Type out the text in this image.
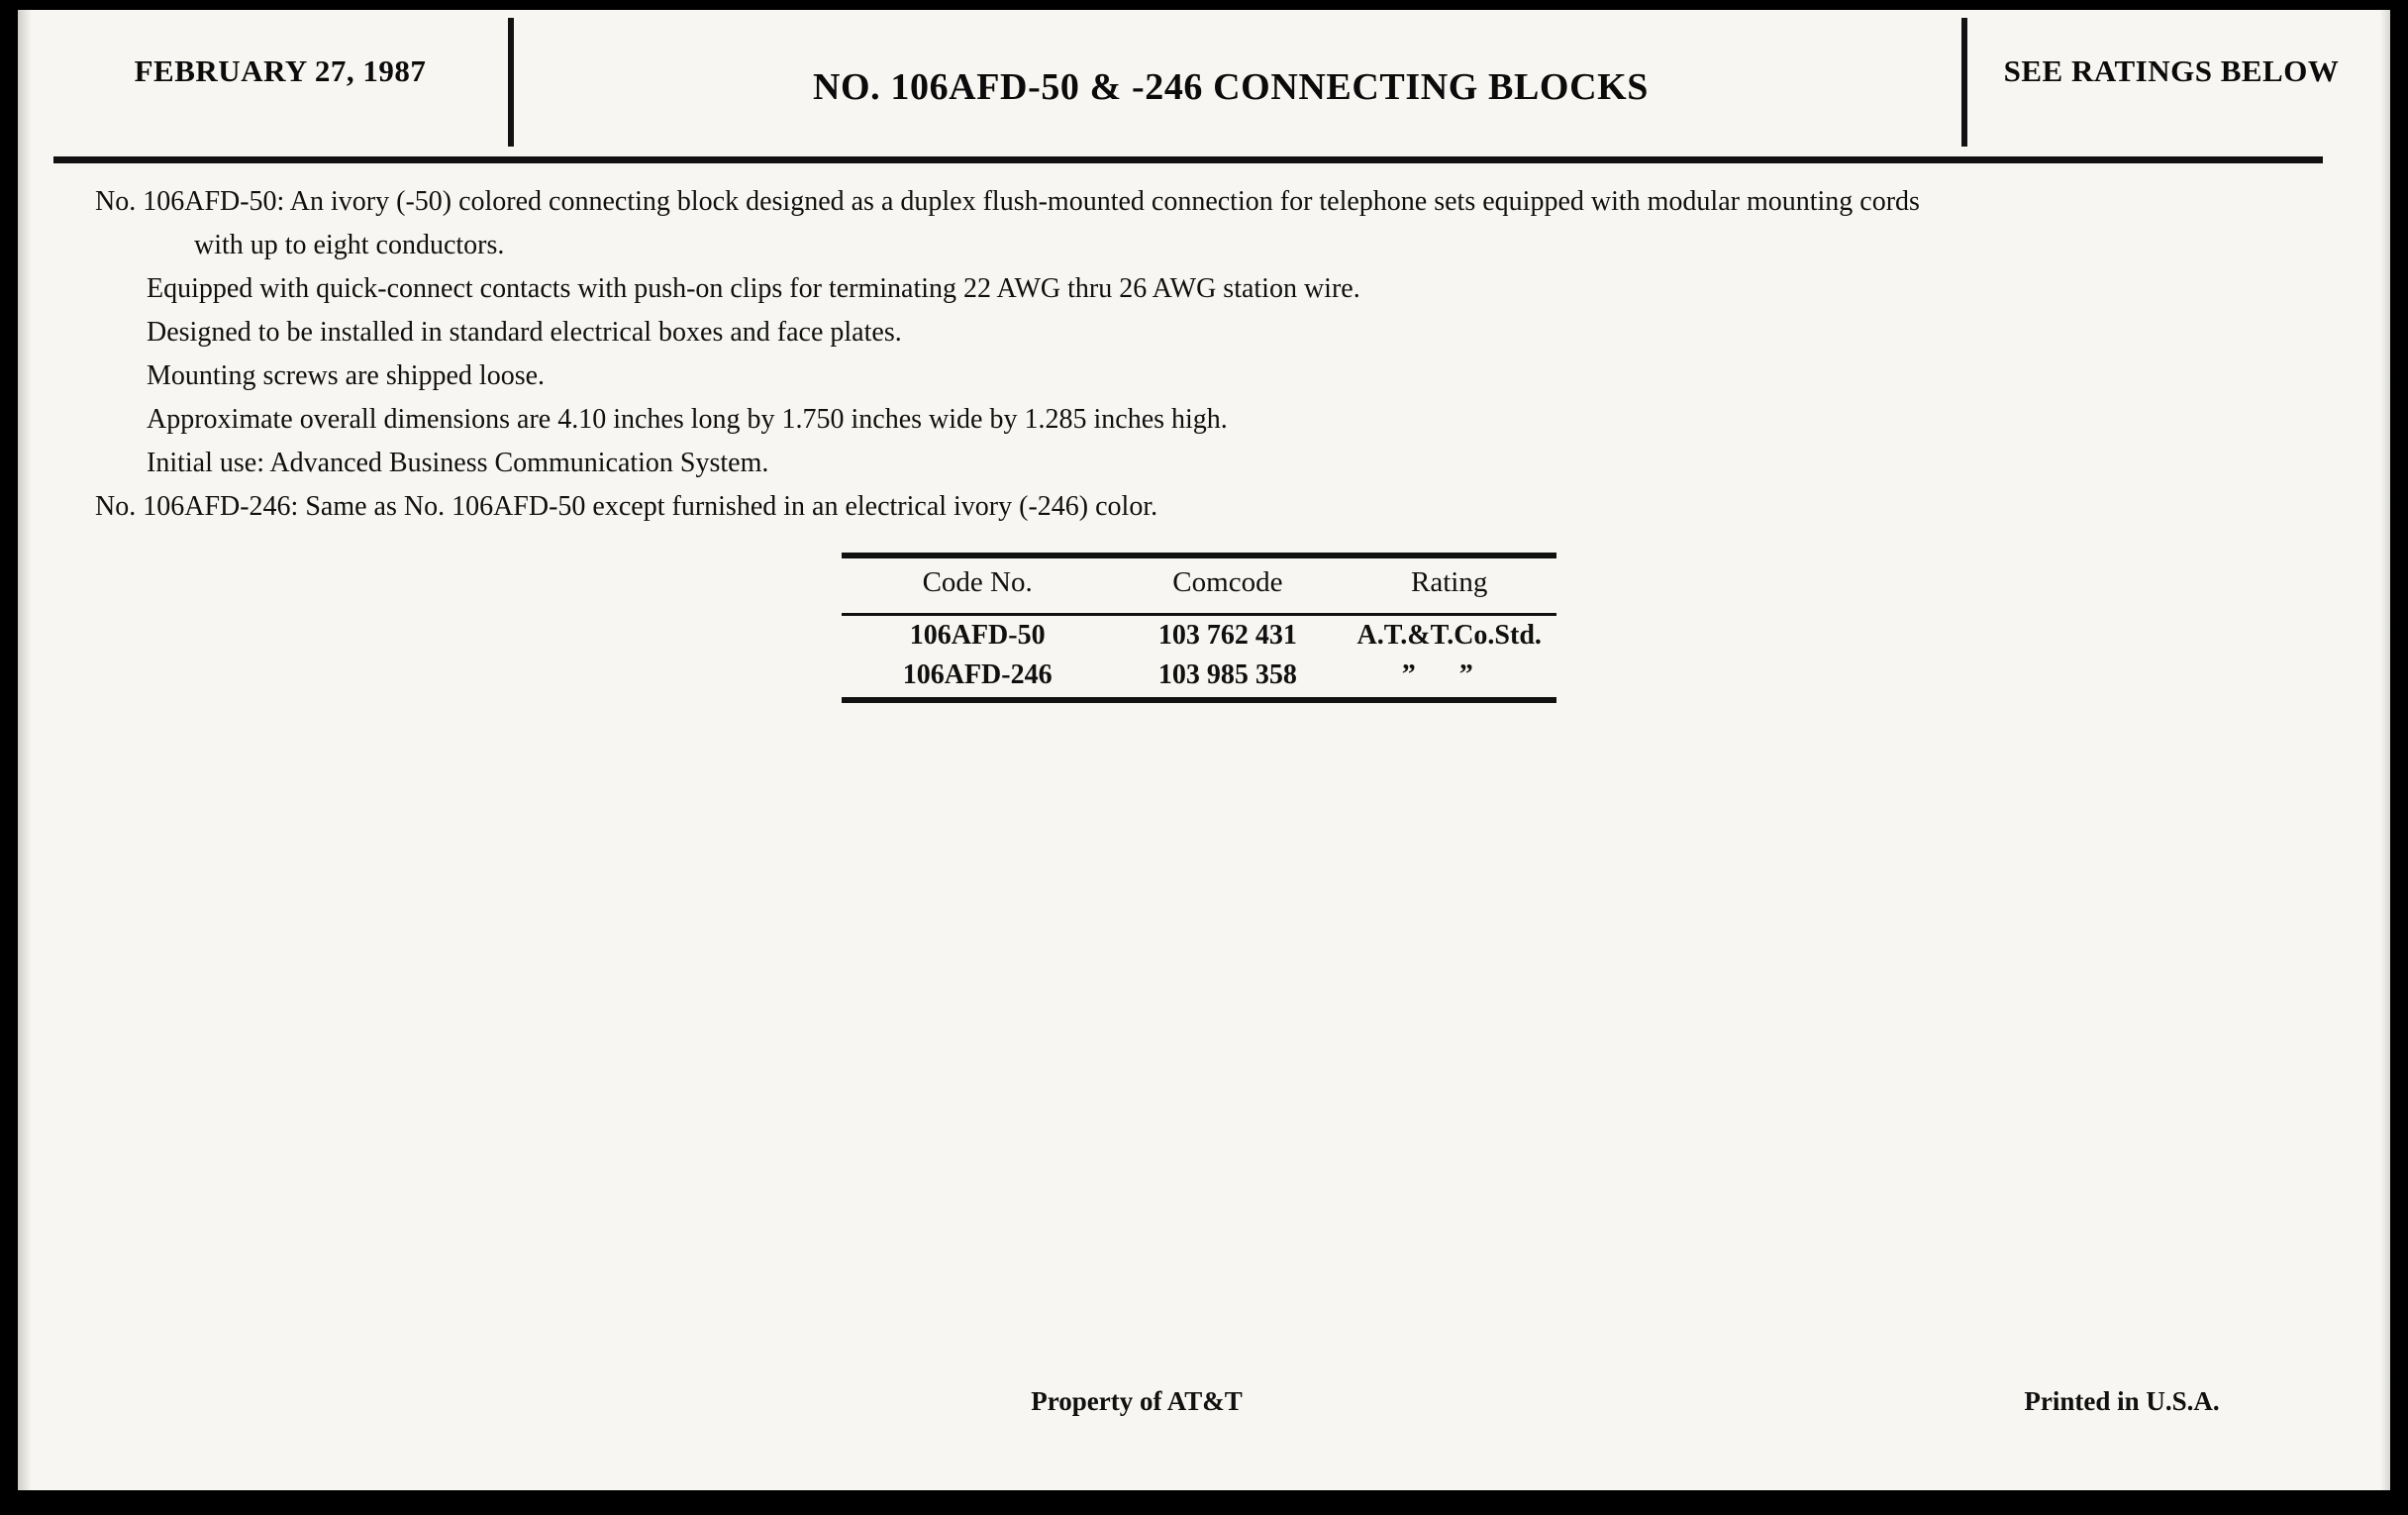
FEBRUARY 27, 1987	NO. 106AFD-50 & -246 CONNECTING BLOCKS	SEE RATINGS BELOW

No. 106AFD-50: An ivory (-50) colored connecting block designed as a duplex flush-mounted connection for telephone sets equipped with modular mounting cords
with up to eight conductors.

Equipped with quick-connect contacts with push-on clips for terminating 22 AWG thru 26 AWG station wire.

Designed to be installed in standard electrical boxes and face plates.

Mounting screws are shipped loose.

Approximate overall dimensions are 4.10 inches long by 1.750 inches wide by 1.285 inches high.

Initial use: Advanced Business Communication System.

No. 106AFD-246: Same as No. 106AFD-50 except furnished in an electrical ivory (-246) color.

Code No.	Comcode	Rating
106AFD-50	103 762 431	A.T.&T.Co.Std.
106AFD-246	103 985 358	””
Property of AT&T	Printed in U.S.A.
